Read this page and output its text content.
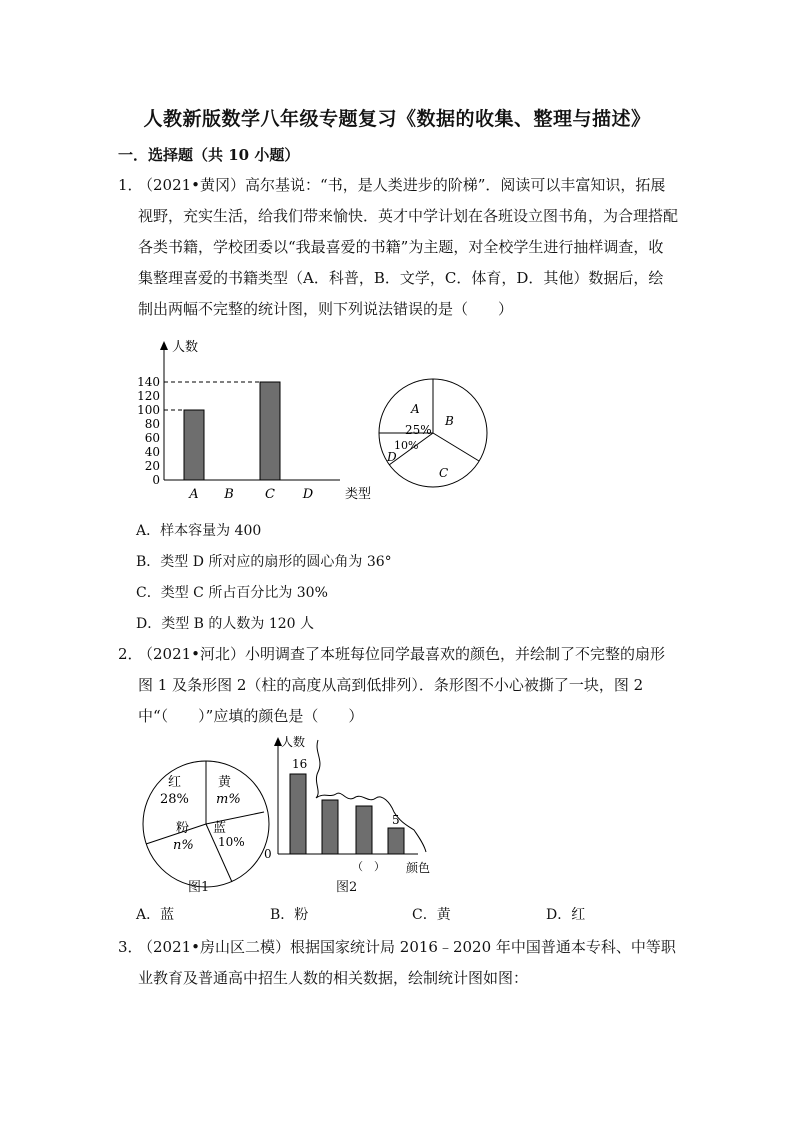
人教新版数学八年级专题复习《数据的收集、整理与描述》
一．选择题（共 10 小题）
1．
（2021•黄冈）高尔基说：“书，是人类进步的阶梯”．阅读可以丰富知识，拓展视野，充实生活，给我们带来愉快．英才中学计划在各班设立图书角，为合理搭配各类书籍，学校团委以“我最喜爱的书籍”为主题，对全校学生进行抽样调查，收集整理喜爱的书籍类型（A．科普，B．文学，C．体育，D．其他）数据后，绘制出两幅不完整的统计图，则下列说法错误的是（　　）
人数
类型
0
20
40
60
80
100
120
140
A B C D
A
25%
B
C
D
10%
A．样本容量为 400
B．类型 D 所对应的扇形的圆心角为 36°
C．类型 C 所占百分比为 30%
D．类型 B 的人数为 120 人
2．
（2021•河北）小明调查了本班每位同学最喜欢的颜色，并绘制了不完整的扇形图 1 及条形图 2（柱的高度从高到低排列）．条形图不小心被撕了一块，图 2 中“（　　）”应填的颜色是（　　）
红
28%
黄
m%
粉
n%
蓝
10%
人数
颜色
0
16
5
（　）
图1	图2
A．蓝	B．粉	C．黄	D．红
3．
（2021•房山区二模）根据国家统计局 2016﹣2020 年中国普通本专科、中等职业教育及普通高中招生人数的相关数据，绘制统计图如图：
